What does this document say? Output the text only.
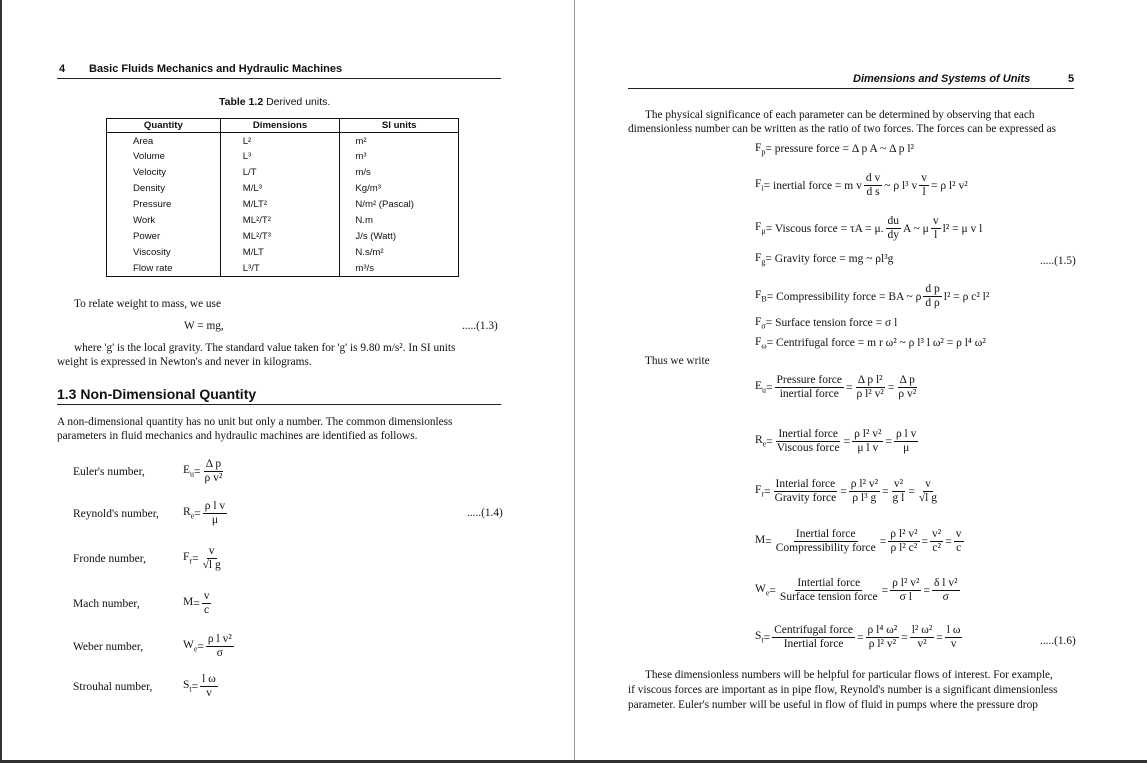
4 Basic Fluids Mechanics and Hydraulic Machines
Table 1.2 Derived units.
Quantity	Dimensions	SI units
Area	L²	m²
Volume	L³	m³
Velocity	L/T	m/s
Density	M/L³	Kg/m³
Pressure	M/LT²	N/m² (Pascal)
Work	ML²/T²	N.m
Power	ML²/T³	J/s (Watt)
Viscosity	M/LT	N.s/m²
Flow rate	L³/T	m³/s
To relate weight to mass, we use
W = mg,	.....(1.3)
where 'g' is the local gravity. The standard value taken for 'g' is 9.80 m/s². In SI units
weight is expressed in Newton's and never in kilograms.
1.3 Non-Dimensional Quantity
A non-dimensional quantity has no unit but only a number. The common dimensionless
parameters in fluid mechanics and hydraulic machines are identified as follows.
Euler's number,	$E_u = \frac{\text{Δ p}}{\text{ρ v²}}$
Reynold's number,	$R_e = \frac{\text{ρ l v}}{\mu}$
Fronde number,	$F_r = \frac{v}{\text{√l g}}$
Mach number,	$M = \frac{v}{c}$
Weber number,	$W_e = \frac{\text{ρ l v²}}{\sigma}$
Strouhal number,	$S_t = \frac{\text{l ω}}{v}$
.....(1.4)
Dimensions and Systems of Units	5
The physical significance of each parameter can be determined by observing that each
dimensionless number can be written as the ratio of two forces. The forces can be expressed as
$F_p$ = pressure force = Δ p A ~ Δ p l²
$F_i$ = inertial force = m v $\frac{\text{d v}}{\text{d s}}$ ~ ρ l³ v $\frac{v}{l} = \rho$ l² v²
$F_\mu$ = Viscous force = τA = μ. $\frac{du}{dy}$ A ~ μ $\frac{v}{l} l^2 = \mu$ v l
$F_g$ = Gravity force = mg ~ ρl³g
$F_B$ = Compressibility force = BA ~ ρ $\frac{\text{d p}}{\text{d ρ}} l^2 = \rho$ c² l²
$F_\sigma$ = Surface tension force = σ l
$F_\omega$ = Centrifugal force = m r ω² ~ ρ l³ l ω² = ρ l⁴ ω²
.....(1.5)
Thus we write
$E_u = \frac{\text{Pressure force}}{\text{inertial force}} = \frac{\text{Δ p l²}}{\text{ρ l² v²}} = \frac{\text{Δ p}}{\text{ρ v²}}$
$R_e = \frac{\text{Inertial force}}{\text{Viscous force}} = \frac{\text{ρ l² v²}}{\text{μ l v}} = \frac{\text{ρ l v}}{\mu}$
$F_r = \frac{\text{Interial force}}{\text{Gravity force}} = \frac{\text{ρ l² v²}}{\text{ρ l³ g}} = \frac{\text{v²}}{\text{g l}} = \frac{v}{\text{√l g}}$
$M = \frac{\text{Inertial force}}{\text{Compressibility force}} = \frac{\text{ρ l² v²}}{\text{ρ l² c²}} = \frac{\text{v²}}{\text{c²}} = \frac{v}{c}$
$W_e = \frac{\text{Intertial force}}{\text{Surface tension force}} = \frac{\text{ρ l² v²}}{\text{σ l}} = \frac{\text{δ l v²}}{\sigma}$
$S_t = \frac{\text{Centrifugal force}}{\text{Inertial force}} = \frac{\text{ρ l⁴ ω²}}{\text{ρ l² v²}} = \frac{\text{l² ω²}}{\text{v²}} = \frac{\text{l ω}}{v}$	.....(1.6)
These dimensionless numbers will be helpful for particular flows of interest. For example,
if viscous forces are important as in pipe flow, Reynold's number is a significant dimensionless
parameter. Euler's number will be useful in flow of fluid in pumps where the pressure drop
